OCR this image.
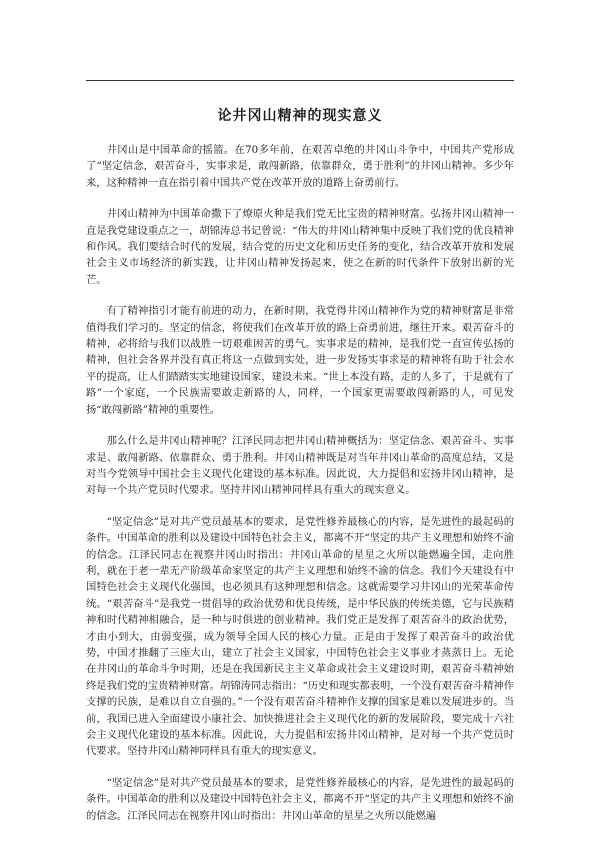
论井冈山精神的现实意义

井冈山是中国革命的摇篮。在70多年前，在艰苦卓绝的井冈山斗争中，中国共产党形成了“坚定信念，艰苦奋斗，实事求是，敢闯新路，依靠群众，勇于胜利”的井冈山精神。多少年来，这种精神一直在指引着中国共产党在改革开放的道路上奋勇前行。

井冈山精神为中国革命撒下了燎原火种是我们党无比宝贵的精神财富。弘扬井冈山精神一直是我党建设重点之一，胡锦涛总书记曾说：“伟大的井冈山精神集中反映了我们党的优良精神和作风。我们要结合时代的发展，结合党的历史文化和历史任务的变化，结合改革开放和发展社会主义市场经济的新实践，让井冈山精神发扬起来，使之在新的时代条件下放射出新的光芒。

有了精神指引才能有前进的动力，在新时期，我党得井冈山精神作为党的精神财富是非常值得我们学习的。坚定的信念，将使我们在改革开放的路上奋勇前进，继往开来。艰苦奋斗的精神，必将给与我们以战胜一切艰难困苦的勇气。实事求是的精神，是我们党一直宣传弘扬的精神，但社会各界并没有真正将这一点做到实处，进一步发扬实事求是的精神将有助于社会水平的提高，让人们踏踏实实地建设国家，建设未来。“世上本没有路，走的人多了，于是就有了路”一个家庭，一个民族需要敢走新路的人，同样，一个国家更需要敢闯新路的人，可见发扬“敢闯新路”精神的重要性。

那么什么是井冈山精神呢？江泽民同志把井冈山精神概括为：坚定信念、艰苦奋斗、实事求是、敢闯新路、依靠群众、勇于胜利。井冈山精神既是对当年井冈山革命的高度总结，又是对当今党领导中国社会主义现代化建设的基本标准。因此说，大力提倡和宏扬井冈山精神，是对每一个共产党员时代要求。坚持井冈山精神同样具有重大的现实意义。

“坚定信念”是对共产党员最基本的要求，是党性修养最核心的内容，是先进性的最起码的条件。中国革命的胜利以及建设中国特色社会主义，都离不开“坚定的共产主义理想和始终不渝的信念。江泽民同志在视察井冈山时指出：井冈山革命的星星之火所以能燃遍全国，走向胜利，就在于老一辈无产阶级革命家坚定的共产主义理想和始终不渝的信念。我们今天建设有中国特色社会主义现代化强国，也必须具有这种理想和信念。这就需要学习井冈山的光荣革命传统。“艰苦奋斗”是我党一贯倡导的政治优势和优良传统，是中华民族的传统美德，它与民族精神和时代精神相融合，是一种与时俱进的创业精神。我们党正是发挥了艰苦奋斗的政治优势，才由小到大，由弱变强，成为领导全国人民的核心力量。正是由于发挥了艰苦奋斗的政治优势，中国才推翻了三座大山，建立了社会主义国家，中国特色社会主义事业才蒸蒸日上。无论在井冈山的革命斗争时期，还是在我国新民主主义革命或社会主义建设时期，艰苦奋斗精神始终是我们党的宝贵精神财富。胡锦涛同志指出：“历史和现实都表明，一个没有艰苦奋斗精神作支撑的民族，是难以自立自强的。”一个没有艰苦奋斗精神作支撑的国家是难以发展进步的。当前，我国已进入全面建设小康社会、加快推进社会主义现代化的新的发展阶段，要完成十六社会主义现代化建设的基本标准。因此说，大力提倡和宏扬井冈山精神，是对每一个共产党员时代要求。坚持井冈山精神同样具有重大的现实意义。

“坚定信念”是对共产党员最基本的要求，是党性修养最核心的内容，是先进性的最起码的条件。中国革命的胜利以及建设中国特色社会主义，都离不开“坚定的共产主义理想和始终不渝的信念。江泽民同志在视察井冈山时指出：井冈山革命的星星之火所以能燃遍
